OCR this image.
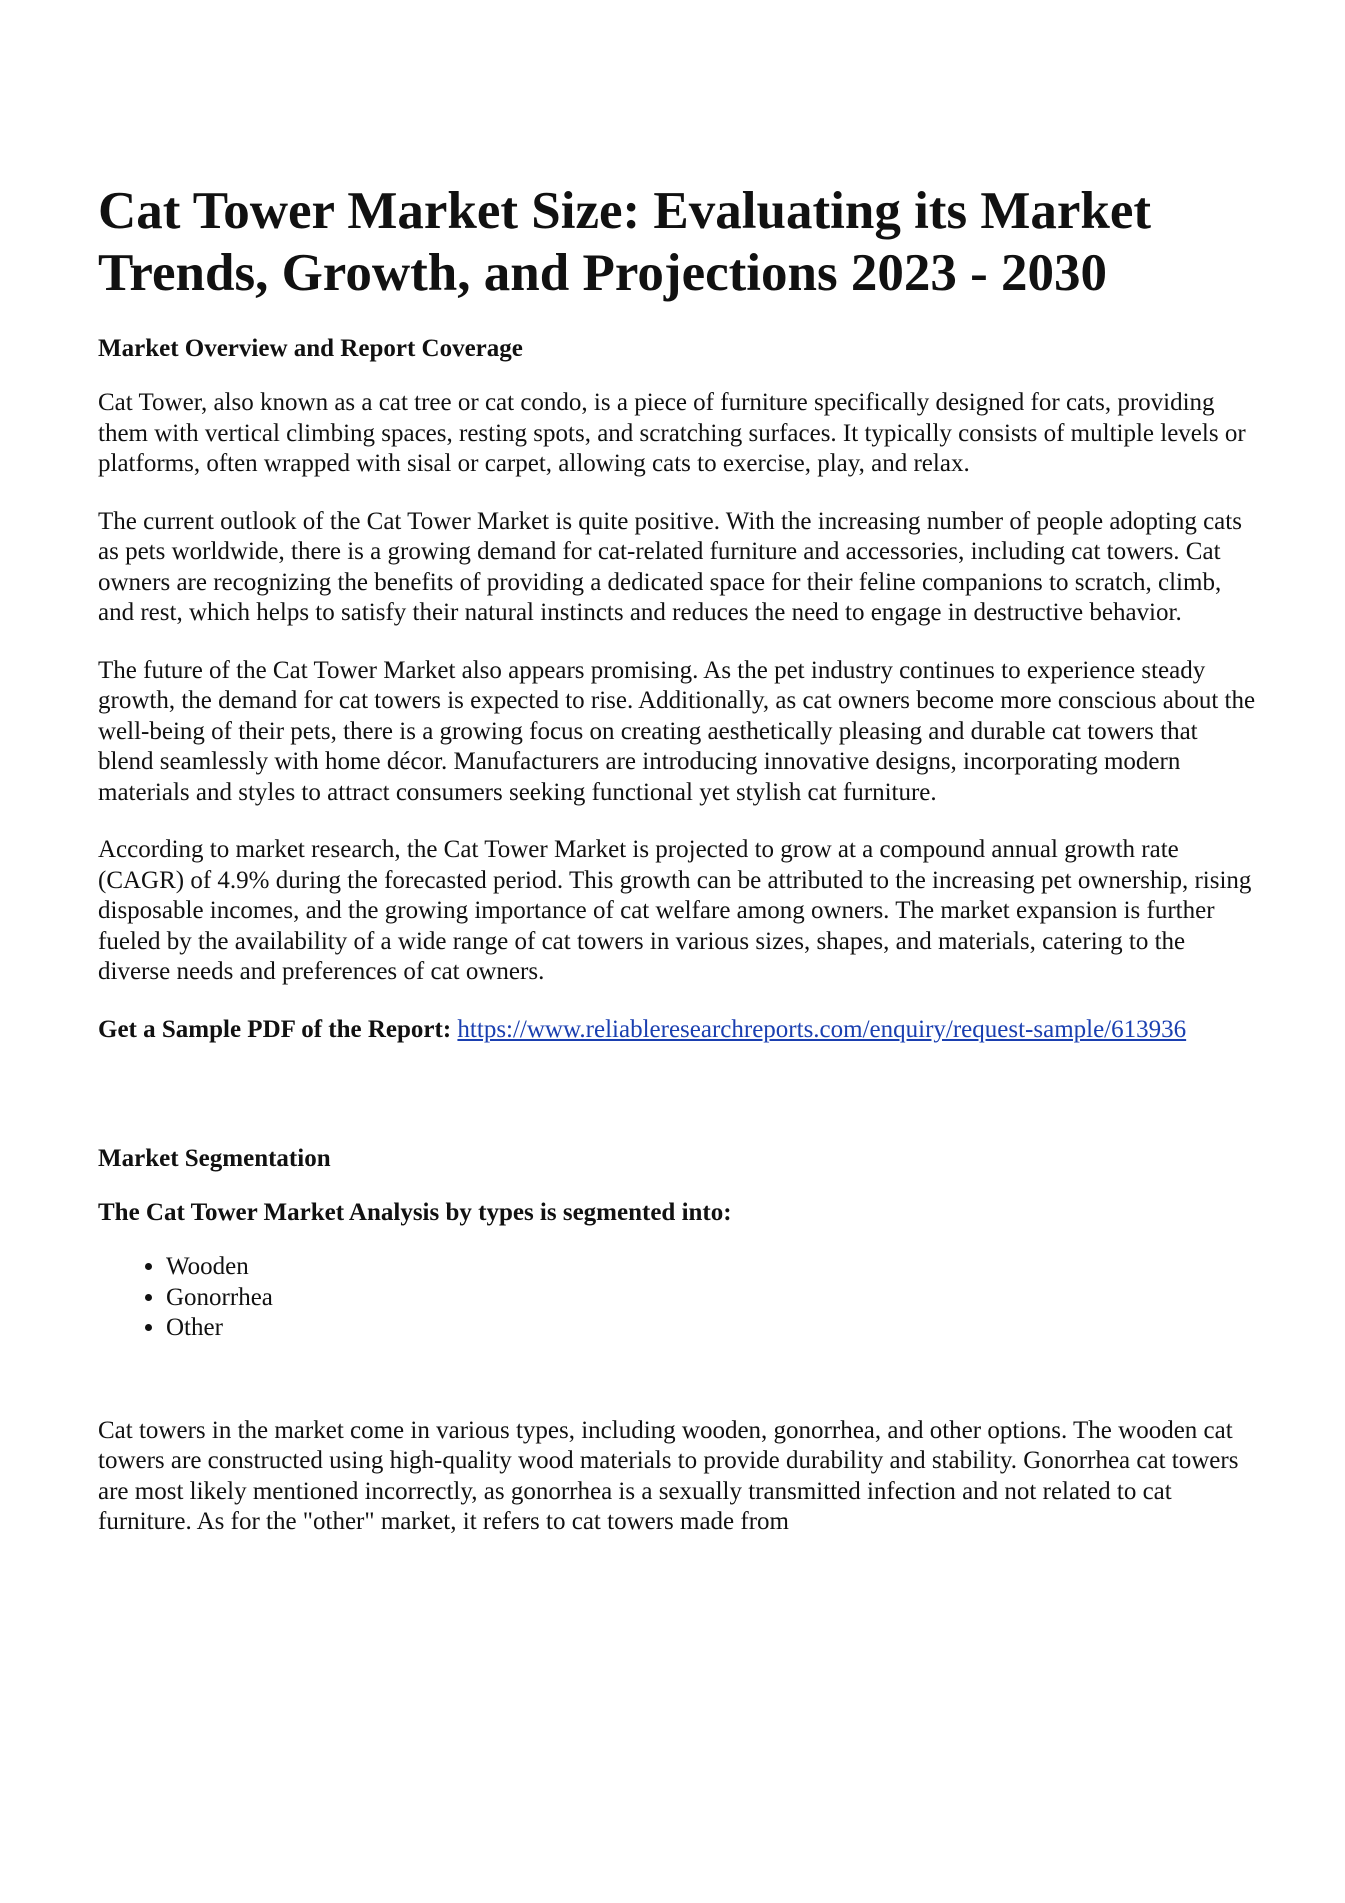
Cat Tower Market Size: Evaluating its Market Trends, Growth, and Projections 2023 - 2030
Market Overview and Report Coverage

Cat Tower, also known as a cat tree or cat condo, is a piece of furniture specifically designed for cats, providing them with vertical climbing spaces, resting spots, and scratching surfaces. It typically consists of multiple levels or platforms, often wrapped with sisal or carpet, allowing cats to exercise, play, and relax.

The current outlook of the Cat Tower Market is quite positive. With the increasing number of people adopting cats as pets worldwide, there is a growing demand for cat-related furniture and accessories, including cat towers. Cat owners are recognizing the benefits of providing a dedicated space for their feline companions to scratch, climb, and rest, which helps to satisfy their natural instincts and reduces the need to engage in destructive behavior.

The future of the Cat Tower Market also appears promising. As the pet industry continues to experience steady growth, the demand for cat towers is expected to rise. Additionally, as cat owners become more conscious about the well-being of their pets, there is a growing focus on creating aesthetically pleasing and durable cat towers that blend seamlessly with home décor. Manufacturers are introducing innovative designs, incorporating modern materials and styles to attract consumers seeking functional yet stylish cat furniture.

According to market research, the Cat Tower Market is projected to grow at a compound annual growth rate (CAGR) of 4.9% during the forecasted period. This growth can be attributed to the increasing pet ownership, rising disposable incomes, and the growing importance of cat welfare among owners. The market expansion is further fueled by the availability of a wide range of cat towers in various sizes, shapes, and materials, catering to the diverse needs and preferences of cat owners.

Get a Sample PDF of the Report: https://www.reliableresearchreports.com/enquiry/request-sample/613936
Market Segmentation
The Cat Tower Market Analysis by types is segmented into:
• Wooden
• Gonorrhea
• Other

Cat towers in the market come in various types, including wooden, gonorrhea, and other options. The wooden cat towers are constructed using high-quality wood materials to provide durability and stability. Gonorrhea cat towers are most likely mentioned incorrectly, as gonorrhea is a sexually transmitted infection and not related to cat furniture. As for the "other" market, it refers to cat towers made from
